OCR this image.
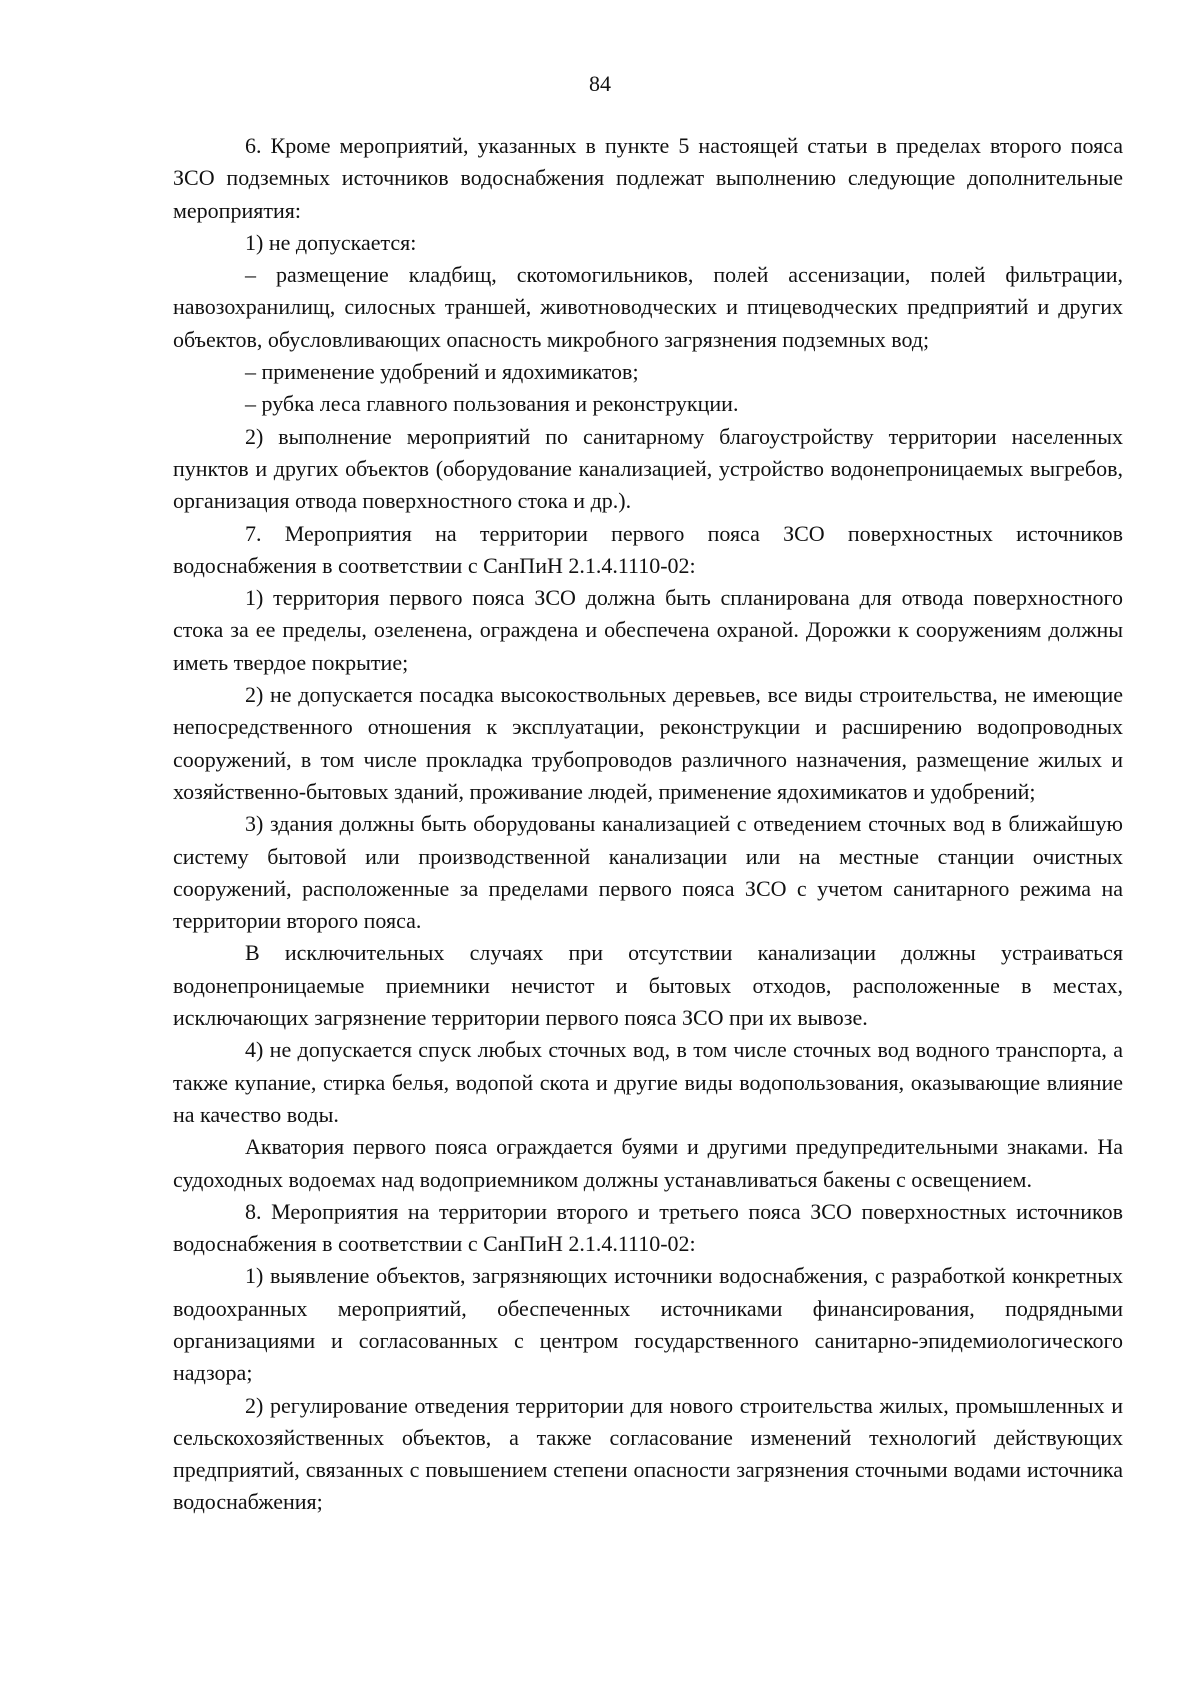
84

6. Кроме мероприятий, указанных в пункте 5 настоящей статьи в пределах второго пояса ЗСО подземных источников водоснабжения подлежат выполнению следующие дополнительные мероприятия:

1) не допускается:

– размещение кладбищ, скотомогильников, полей ассенизации, полей фильтрации, навозохранилищ, силосных траншей, животноводческих и птицеводческих предприятий и других объектов, обусловливающих опасность микробного загрязнения подземных вод;

– применение удобрений и ядохимикатов;

– рубка леса главного пользования и реконструкции.

2) выполнение мероприятий по санитарному благоустройству территории населенных пунктов и других объектов (оборудование канализацией, устройство водонепроницаемых выгребов, организация отвода поверхностного стока и др.).

7. Мероприятия на территории первого пояса ЗСО поверхностных источников водоснабжения в соответствии с СанПиН 2.1.4.1110-02:

1) территория первого пояса ЗСО должна быть спланирована для отвода поверхностного стока за ее пределы, озеленена, ограждена и обеспечена охраной. Дорожки к сооружениям должны иметь твердое покрытие;

2) не допускается посадка высокоствольных деревьев, все виды строительства, не имеющие непосредственного отношения к эксплуатации, реконструкции и расширению водопроводных сооружений, в том числе прокладка трубопроводов различного назначения, размещение жилых и хозяйственно-бытовых зданий, проживание людей, применение ядохимикатов и удобрений;

3) здания должны быть оборудованы канализацией с отведением сточных вод в ближайшую систему бытовой или производственной канализации или на местные станции очистных сооружений, расположенные за пределами первого пояса ЗСО с учетом санитарного режима на территории второго пояса.

В исключительных случаях при отсутствии канализации должны устраиваться водонепроницаемые приемники нечистот и бытовых отходов, расположенные в местах, исключающих загрязнение территории первого пояса ЗСО при их вывозе.

4) не допускается спуск любых сточных вод, в том числе сточных вод водного транспорта, а также купание, стирка белья, водопой скота и другие виды водопользования, оказывающие влияние на качество воды.

Акватория первого пояса ограждается буями и другими предупредительными знаками. На судоходных водоемах над водоприемником должны устанавливаться бакены с освещением.

8. Мероприятия на территории второго и третьего пояса ЗСО поверхностных источников водоснабжения в соответствии с СанПиН 2.1.4.1110-02:

1) выявление объектов, загрязняющих источники водоснабжения, с разработкой конкретных водоохранных мероприятий, обеспеченных источниками финансирования, подрядными организациями и согласованных с центром государственного санитарно-эпидемиологического надзора;

2) регулирование отведения территории для нового строительства жилых, промышленных и сельскохозяйственных объектов, а также согласование изменений технологий действующих предприятий, связанных с повышением степени опасности загрязнения сточными водами источника водоснабжения;
